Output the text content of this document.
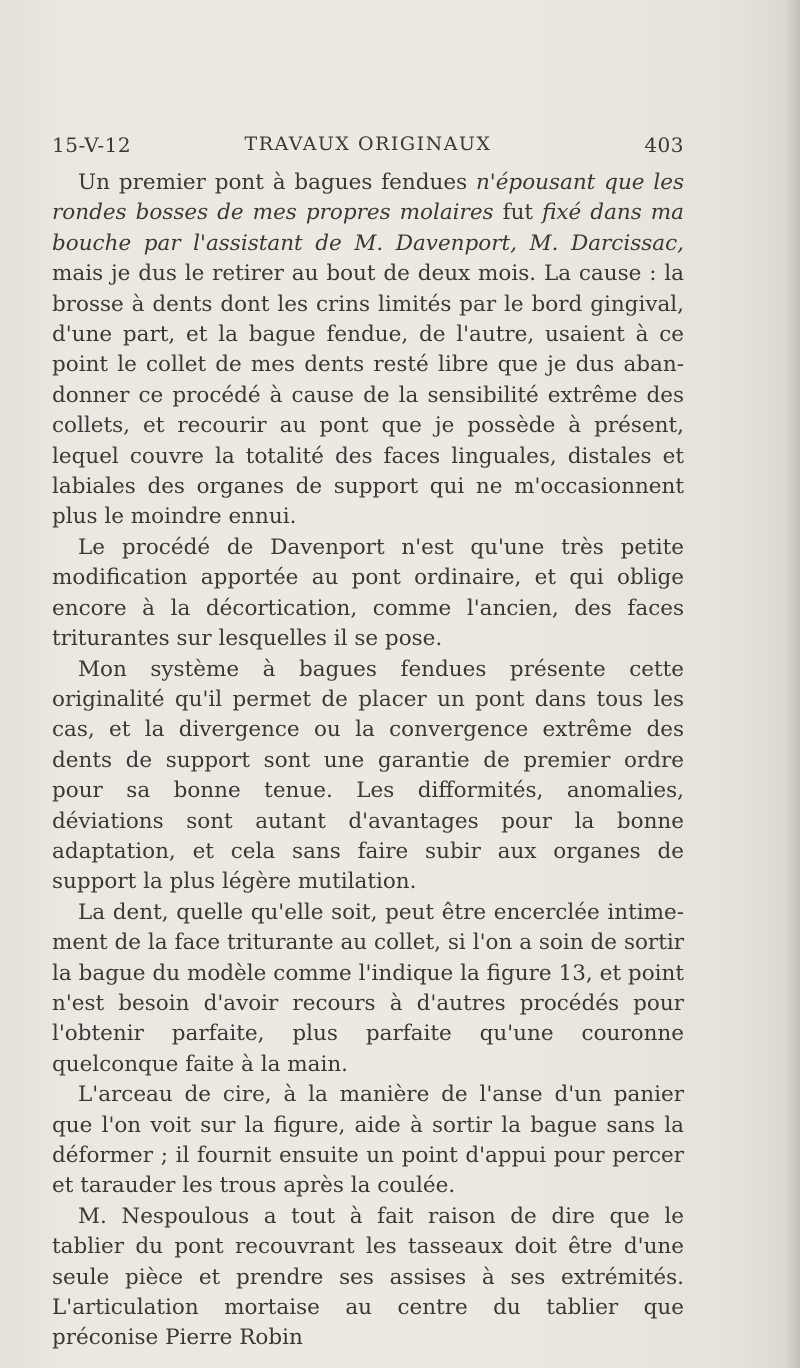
15-V-12	TRAVAUX ORIGINAUX	403

Un premier pont à bagues fendues n'épousant que les rondes bosses de mes propres molaires fut fixé dans ma bouche par l'assistant de M. Davenport, M. Darcissac, mais je dus le retirer au bout de deux mois. La cause : la brosse à dents dont les crins limités par le bord gingival, d'une part, et la bague fendue, de l'autre, usaient à ce point le collet de mes dents resté libre que je dus abandonner ce procédé à cause de la sensibilité extrême des collets, et recourir au pont que je possède à présent, lequel couvre la totalité des faces linguales, distales et labiales des organes de support qui ne m'occasionnent plus le moindre ennui.

Le procédé de Davenport n'est qu'une très petite modification apportée au pont ordinaire, et qui oblige encore à la décortication, comme l'ancien, des faces triturantes sur lesquelles il se pose.

Mon système à bagues fendues présente cette originalité qu'il permet de placer un pont dans tous les cas, et la divergence ou la convergence extrême des dents de support sont une garantie de premier ordre pour sa bonne tenue. Les difformités, anomalies, déviations sont autant d'avantages pour la bonne adaptation, et cela sans faire subir aux organes de support la plus légère mutilation.

La dent, quelle qu'elle soit, peut être encerclée intimement de la face triturante au collet, si l'on a soin de sortir la bague du modèle comme l'indique la figure 13, et point n'est besoin d'avoir recours à d'autres procédés pour l'obtenir parfaite, plus parfaite qu'une couronne quelconque faite à la main.

L'arceau de cire, à la manière de l'anse d'un panier que l'on voit sur la figure, aide à sortir la bague sans la déformer ; il fournit ensuite un point d'appui pour percer et tarauder les trous après la coulée.

M. Nespoulous a tout à fait raison de dire que le tablier du pont recouvrant les tasseaux doit être d'une seule pièce et prendre ses assises à ses extrémités. L'articulation mortaise au centre du tablier que préconise Pierre Robin
